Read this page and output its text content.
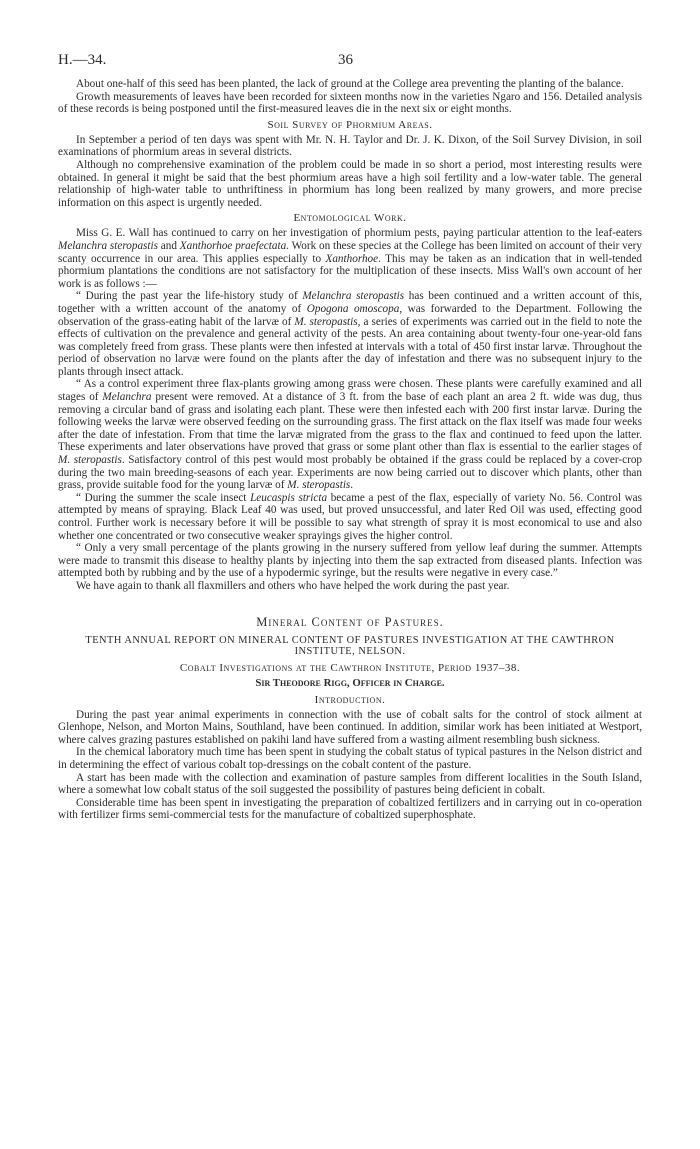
H.—34.	36

About one-half of this seed has been planted, the lack of ground at the College area preventing the planting of the balance.

Growth measurements of leaves have been recorded for sixteen months now in the varieties Ngaro and 156. Detailed analysis of these records is being postponed until the first-measured leaves die in the next six or eight months.

Soil Survey of Phormium Areas.

In September a period of ten days was spent with Mr. N. H. Taylor and Dr. J. K. Dixon, of the Soil Survey Division, in soil examinations of phormium areas in several districts.

Although no comprehensive examination of the problem could be made in so short a period, most interesting results were obtained. In general it might be said that the best phormium areas have a high soil fertility and a low-water table. The general relationship of high-water table to unthriftiness in phormium has long been realized by many growers, and more precise information on this aspect is urgently needed.

Entomological Work.

Miss G. E. Wall has continued to carry on her investigation of phormium pests, paying particular attention to the leaf-eaters Melanchra steropastis and Xanthorhoe praefectata. Work on these species at the College has been limited on account of their very scanty occurrence in our area. This applies especially to Xanthorhoe. This may be taken as an indication that in well-tended phormium plantations the conditions are not satisfactory for the multiplication of these insects. Miss Wall's own account of her work is as follows :—

“ During the past year the life-history study of Melanchra steropastis has been continued and a written account of this, together with a written account of the anatomy of Opogona omoscopa, was forwarded to the Department. Following the observation of the grass-eating habit of the larvæ of M. steropastis, a series of experiments was carried out in the field to note the effects of cultivation on the prevalence and general activity of the pests. An area containing about twenty-four one-year-old fans was completely freed from grass. These plants were then infested at intervals with a total of 450 first instar larvæ. Throughout the period of observation no larvæ were found on the plants after the day of infestation and there was no subsequent injury to the plants through insect attack.

“ As a control experiment three flax-plants growing among grass were chosen. These plants were carefully examined and all stages of Melanchra present were removed. At a distance of 3 ft. from the base of each plant an area 2 ft. wide was dug, thus removing a circular band of grass and isolating each plant. These were then infested each with 200 first instar larvæ. During the following weeks the larvæ were observed feeding on the surrounding grass. The first attack on the flax itself was made four weeks after the date of infestation. From that time the larvæ migrated from the grass to the flax and continued to feed upon the latter. These experiments and later observations have proved that grass or some plant other than flax is essential to the earlier stages of M. steropastis. Satisfactory control of this pest would most probably be obtained if the grass could be replaced by a cover-crop during the two main breeding-seasons of each year. Experiments are now being carried out to discover which plants, other than grass, provide suitable food for the young larvæ of M. steropastis.

“ During the summer the scale insect Leucaspis stricta became a pest of the flax, especially of variety No. 56. Control was attempted by means of spraying. Black Leaf 40 was used, but proved unsuccessful, and later Red Oil was used, effecting good control. Further work is necessary before it will be possible to say what strength of spray it is most economical to use and also whether one concentrated or two consecutive weaker sprayings gives the higher control.

“ Only a very small percentage of the plants growing in the nursery suffered from yellow leaf during the summer. Attempts were made to transmit this disease to healthy plants by injecting into them the sap extracted from diseased plants. Infection was attempted both by rubbing and by the use of a hypodermic syringe, but the results were negative in every case.”

We have again to thank all flaxmillers and others who have helped the work during the past year.

Mineral Content of Pastures.
TENTH ANNUAL REPORT ON MINERAL CONTENT OF PASTURES INVESTIGATION AT THE CAWTHRON INSTITUTE, NELSON.
Cobalt Investigations at the Cawthron Institute, Period 1937–38.
Sir Theodore Rigg, Officer in Charge.
Introduction.

During the past year animal experiments in connection with the use of cobalt salts for the control of stock ailment at Glenhope, Nelson, and Morton Mains, Southland, have been continued. In addition, similar work has been initiated at Westport, where calves grazing pastures established on pakihi land have suffered from a wasting ailment resembling bush sickness.

In the chemical laboratory much time has been spent in studying the cobalt status of typical pastures in the Nelson district and in determining the effect of various cobalt top-dressings on the cobalt content of the pasture.

A start has been made with the collection and examination of pasture samples from different localities in the South Island, where a somewhat low cobalt status of the soil suggested the possibility of pastures being deficient in cobalt.

Considerable time has been spent in investigating the preparation of cobaltized fertilizers and in carrying out in co-operation with fertilizer firms semi-commercial tests for the manufacture of cobaltized superphosphate.
